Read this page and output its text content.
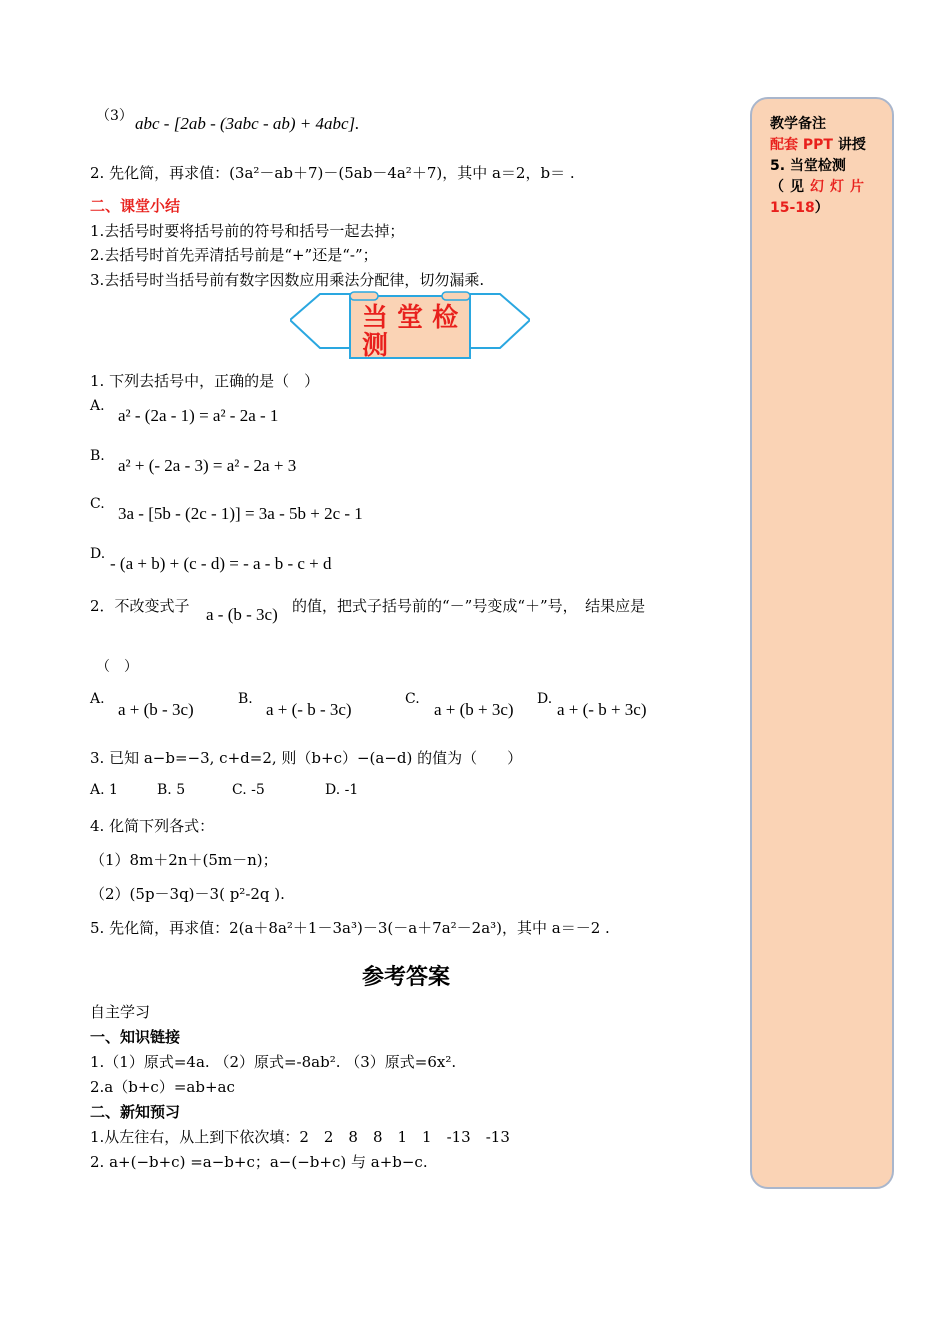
教学备注
配套 PPT 讲授
5. 当堂检测
（见幻灯片
15-18）
（3） abc - [2ab - (3abc - ab) + 4abc].
2. 先化简，再求值：(3a²－ab＋7)－(5ab－4a²＋7)，其中 a＝2，b＝ .
二、课堂小结
1.去括号时要将括号前的符号和括号一起去掉；
2.去括号时首先弄清括号前是“+”还是“-”；
3.去括号时当括号前有数字因数应用乘法分配律，切勿漏乘.
当 堂 检
测
1. 下列去括号中，正确的是（　）
A. a² - (2a - 1) = a² - 2a - 1
B. a² + (- 2a - 3) = a² - 2a + 3
C. 3a - [5b - (2c - 1)] = 3a - 5b + 2c - 1
D. - (a + b) + (c - d) = - a - b - c + d
2．不改变式子 a - (b - 3c) 的值，把式子括号前的“－”号变成“＋”号，　结果应是
（　）
A.
a + (b - 3c)
B.
a + (- b - 3c)
C.
a + (b + 3c)
D.
a + (- b + 3c)
3. 已知 a−b=−3, c+d=2, 则（b+c）−(a−d) 的值为（　　）
A. 1	B. 5	C. -5	D. -1
4. 化简下列各式：
（1）8m＋2n＋(5m－n)；
（2）(5p－3q)－3( p²-2q ).
5. 先化简，再求值：2(a＋8a²＋1－3a³)－3(－a＋7a²－2a³)，其中 a＝－2 .
参考答案
自主学习
一、知识链接
1.（1）原式=4a. （2）原式=-8ab². （3）原式=6x².
2.a（b+c）=ab+ac
二、新知预习
1.从左往右，从上到下依次填：2　2　8　8　1　1　-13　-13
2. a+(−b+c) =a−b+c；a−(−b+c) 与 a+b−c.
